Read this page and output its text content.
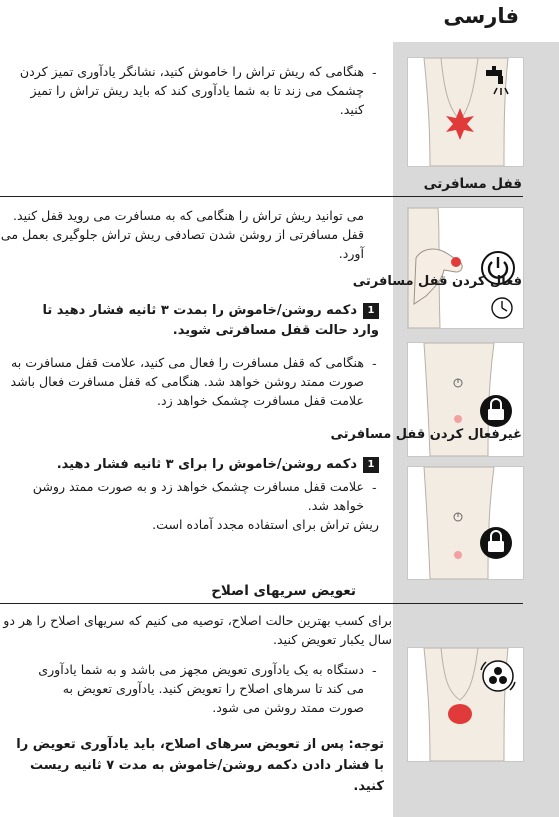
فارسی
-
هنگامی که ریش تراش را خاموش کنید، نشانگر یادآوری تمیز کردن چشمک می زند تا به شما یادآوری کند که باید ریش تراش را تمیز کنید.
قفل مسافرتی
می توانید ریش تراش را هنگامی که به مسافرت می روید قفل کنید. قفل مسافرتی از روشن شدن تصادفی ریش تراش جلوگیری بعمل می آورد.
فعال کردن قفل مسافرتی
1دکمه روشن/خاموش را بمدت ۳ ثانیه فشار دهید تا وارد حالت قفل مسافرتی شوید.
-
هنگامی که قفل مسافرت را فعال می کنید، علامت قفل مسافرت به صورت ممتد روشن خواهد شد. هنگامی که قفل مسافرت فعال باشد علامت قفل مسافرت چشمک خواهد زد.
غیرفعال کردن قفل مسافرتی
1دکمه روشن/خاموش را برای ۳ ثانیه فشار دهید.
-
علامت قفل مسافرت چشمک خواهد زد و به صورت ممتد روشن خواهد شد.
ریش تراش برای استفاده مجدد آماده است.
تعویض سریهای اصلاح
برای کسب بهترین حالت اصلاح، توصیه می کنیم که سریهای اصلاح را هر دو سال یکبار تعویض کنید.
-
دستگاه به یک یادآوری تعویض مجهز می باشد و به شما یادآوری می کند تا سرهای اصلاح را تعویض کنید. یادآوری تعویض به صورت ممتد روشن می شود.
توجه: پس از تعویض سرهای اصلاح، باید یادآوری تعویض را با فشار دادن دکمه روشن/خاموش به مدت ۷ ثانیه ریست کنید.
